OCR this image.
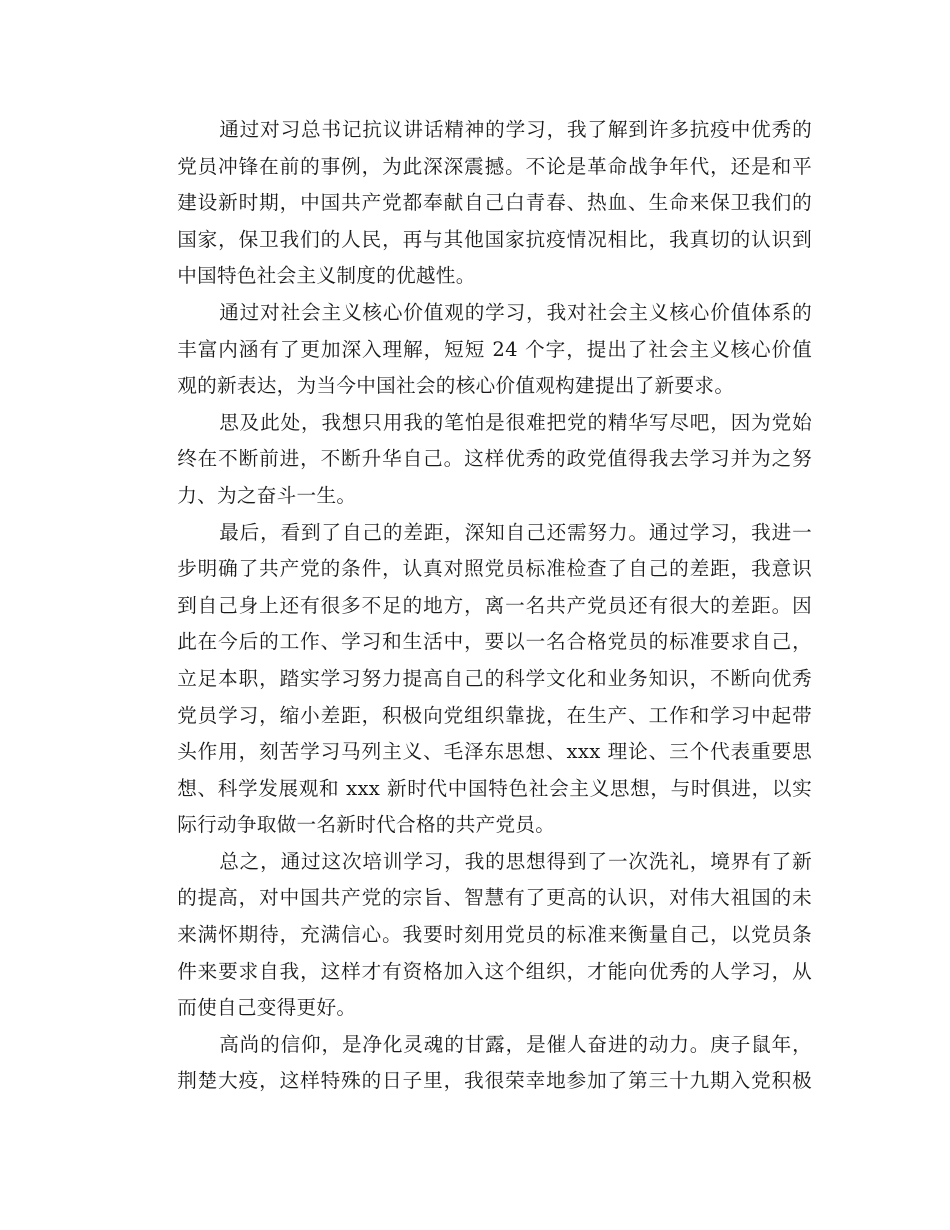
通过对习总书记抗议讲话精神的学习，我了解到许多抗疫中优秀的
党员冲锋在前的事例，为此深深震撼。不论是革命战争年代，还是和平
建设新时期，中国共产党都奉献自己白青春、热血、生命来保卫我们的
国家，保卫我们的人民，再与其他国家抗疫情况相比，我真切的认识到
中国特色社会主义制度的优越性。
通过对社会主义核心价值观的学习，我对社会主义核心价值体系的
丰富内涵有了更加深入理解，短短 24 个字，提出了社会主义核心价值
观的新表达，为当今中国社会的核心价值观构建提出了新要求。
思及此处，我想只用我的笔怕是很难把党的精华写尽吧，因为党始
终在不断前进，不断升华自己。这样优秀的政党值得我去学习并为之努
力、为之奋斗一生。
最后，看到了自己的差距，深知自己还需努力。通过学习，我进一
步明确了共产党的条件，认真对照党员标准检查了自己的差距，我意识
到自己身上还有很多不足的地方，离一名共产党员还有很大的差距。因
此在今后的工作、学习和生活中，要以一名合格党员的标准要求自己，
立足本职，踏实学习努力提高自己的科学文化和业务知识，不断向优秀
党员学习，缩小差距，积极向党组织靠拢，在生产、工作和学习中起带
头作用，刻苦学习马列主义、毛泽东思想、xxx 理论、三个代表重要思
想、科学发展观和 xxx 新时代中国特色社会主义思想，与时俱进，以实
际行动争取做一名新时代合格的共产党员。
总之，通过这次培训学习，我的思想得到了一次洗礼，境界有了新
的提高，对中国共产党的宗旨、智慧有了更高的认识，对伟大祖国的未
来满怀期待，充满信心。我要时刻用党员的标准来衡量自己，以党员条
件来要求自我，这样才有资格加入这个组织，才能向优秀的人学习，从
而使自己变得更好。
高尚的信仰，是净化灵魂的甘露，是催人奋进的动力。庚子鼠年，
荆楚大疫，这样特殊的日子里，我很荣幸地参加了第三十九期入党积极
